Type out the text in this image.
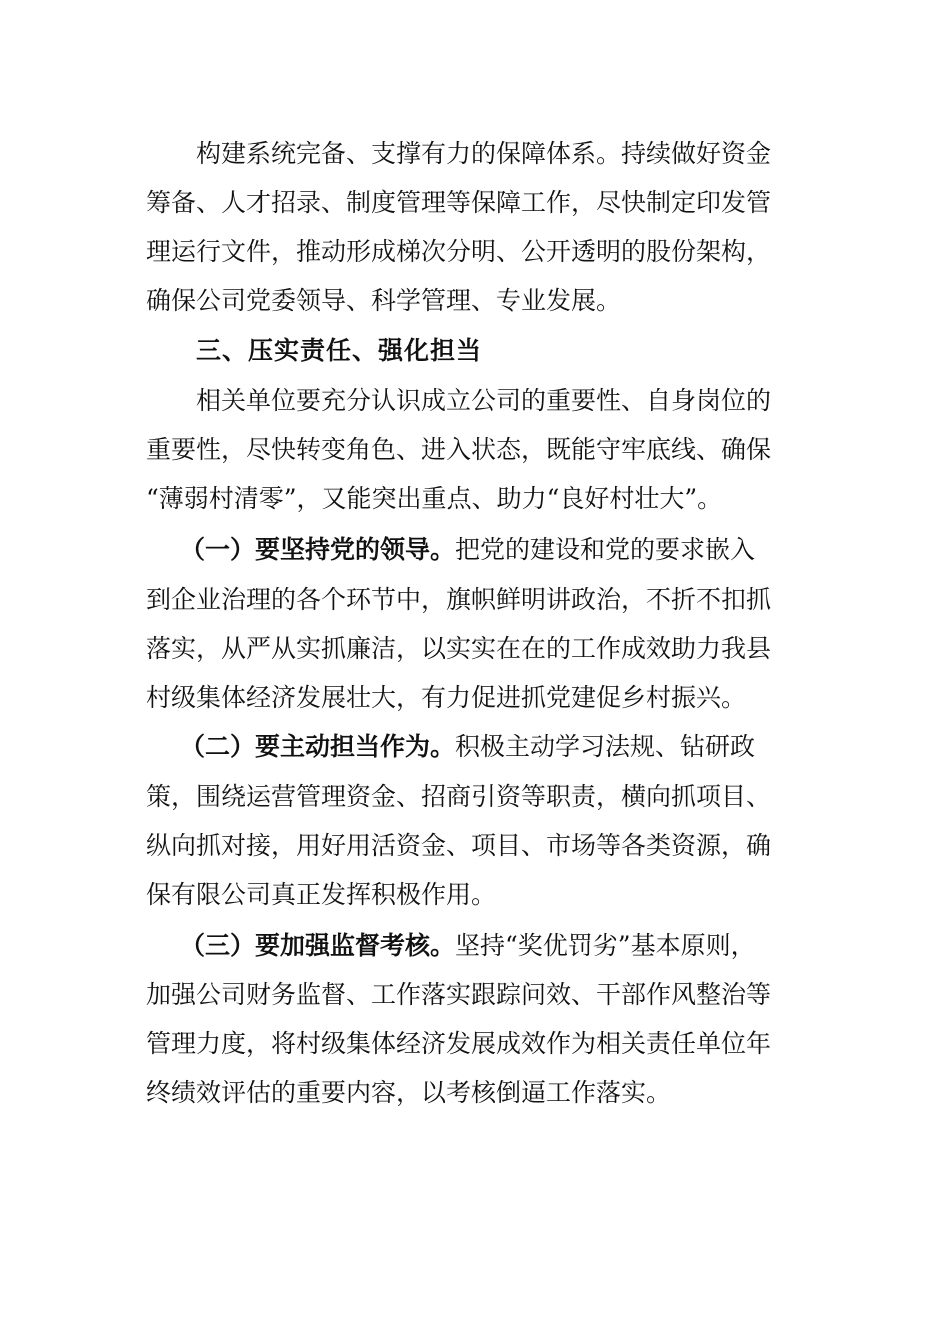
构建系统完备、支撑有力的保障体系。持续做好资金
筹备、人才招录、制度管理等保障工作，尽快制定印发管
理运行文件，推动形成梯次分明、公开透明的股份架构，
确保公司党委领导、科学管理、专业发展。
三、压实责任、强化担当
相关单位要充分认识成立公司的重要性、自身岗位的
重要性，尽快转变角色、进入状态，既能守牢底线、确保
“薄弱村清零”，又能突出重点、助力“良好村壮大”。
（一）要坚持党的领导。把党的建设和党的要求嵌入
到企业治理的各个环节中，旗帜鲜明讲政治，不折不扣抓
落实，从严从实抓廉洁，以实实在在的工作成效助力我县
村级集体经济发展壮大，有力促进抓党建促乡村振兴。
（二）要主动担当作为。积极主动学习法规、钻研政
策，围绕运营管理资金、招商引资等职责，横向抓项目、
纵向抓对接，用好用活资金、项目、市场等各类资源，确
保有限公司真正发挥积极作用。
（三）要加强监督考核。坚持“奖优罚劣”基本原则，
加强公司财务监督、工作落实跟踪问效、干部作风整治等
管理力度，将村级集体经济发展成效作为相关责任单位年
终绩效评估的重要内容，以考核倒逼工作落实。
